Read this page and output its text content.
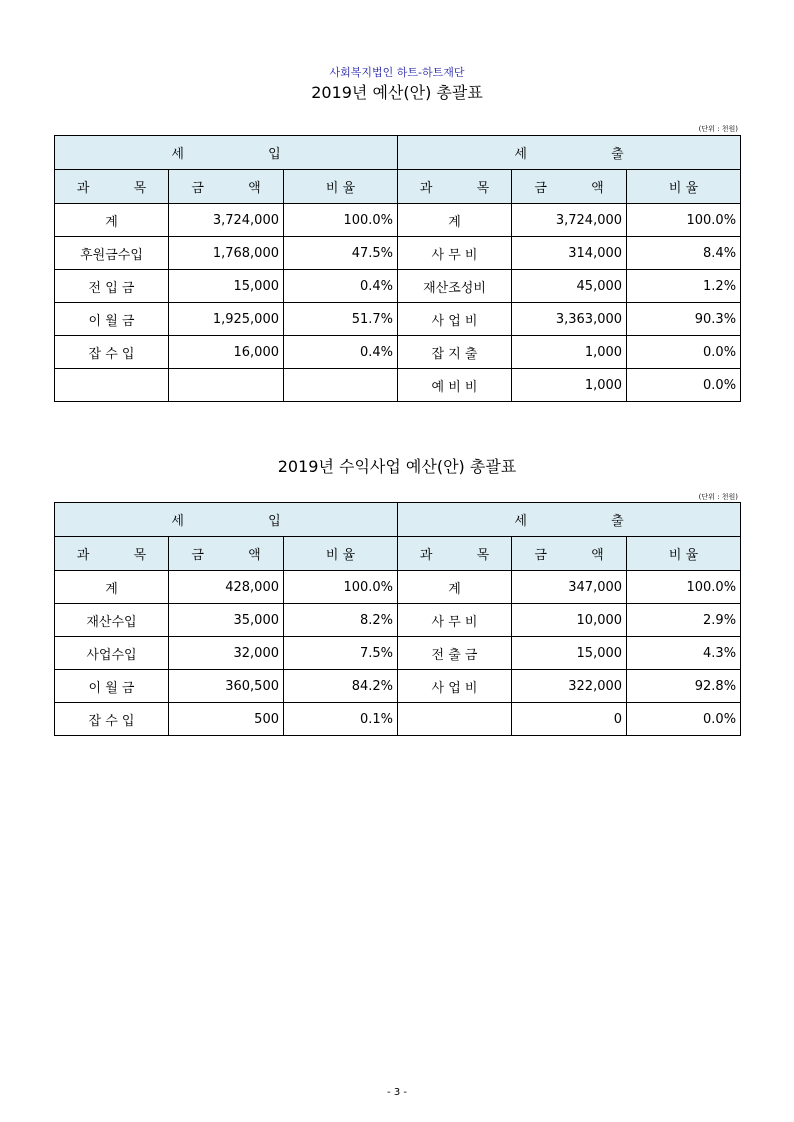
사회복지법인 하트-하트재단
2019년 예산(안) 총괄표
(단위 : 천원)
세 입			세 출		
과 목	금 액	비 율	과 목	금 액	비 율
계	3,724,000	100.0%	계	3,724,000	100.0%
후원금수입	1,768,000	47.5%	사 무 비	314,000	8.4%
전 입 금	15,000	0.4%	재산조성비	45,000	1.2%
이 월 금	1,925,000	51.7%	사 업 비	3,363,000	90.3%
잡 수 입	16,000	0.4%	잡 지 출	1,000	0.0%
			예 비 비	1,000	0.0%
2019년 수익사업 예산(안) 총괄표
(단위 : 천원)
세 입			세 출		
과 목	금 액	비 율	과 목	금 액	비 율
계	428,000	100.0%	계	347,000	100.0%
재산수입	35,000	8.2%	사 무 비	10,000	2.9%
사업수입	32,000	7.5%	전 출 금	15,000	4.3%
이 월 금	360,500	84.2%	사 업 비	322,000	92.8%
잡 수 입	500	0.1%		0	0.0%
- 3 -
